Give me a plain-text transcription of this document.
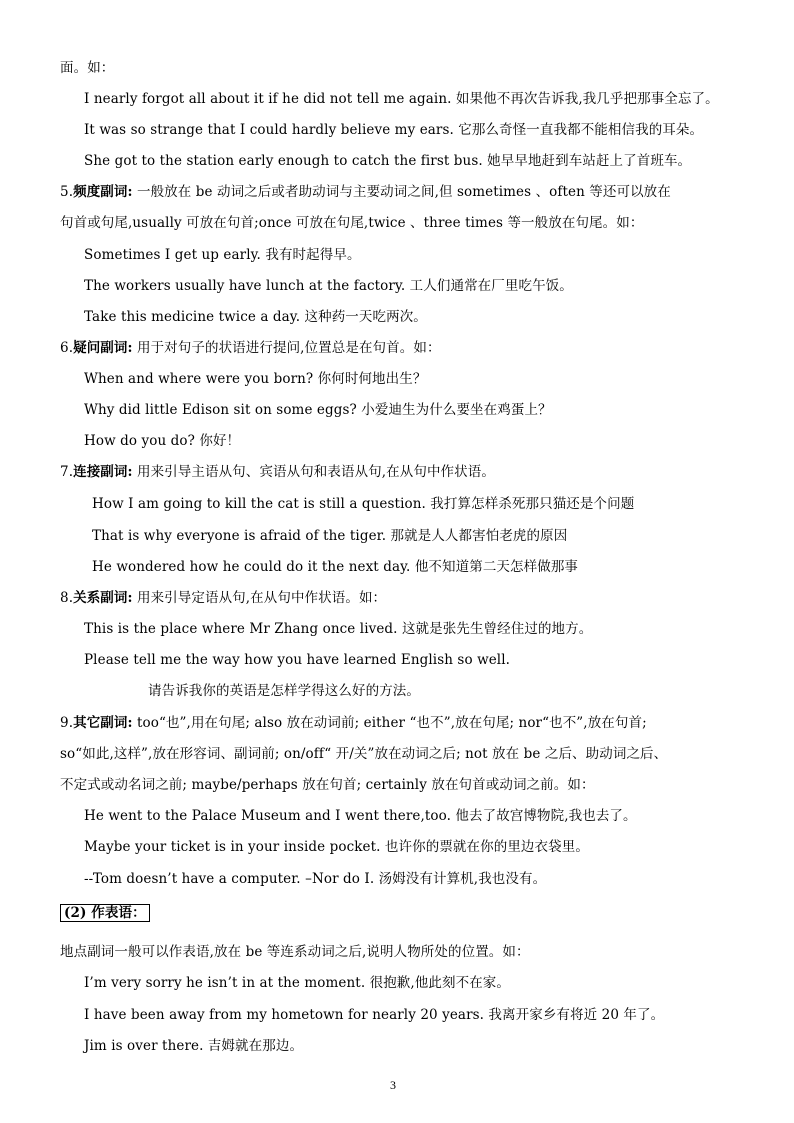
面。如：
I nearly forgot all about it if he did not tell me again. 如果他不再次告诉我,我几乎把那事全忘了。
It was so strange that I could hardly believe my ears. 它那么奇怪一直我都不能相信我的耳朵。
She got to the station early enough to catch the first bus. 她早早地赶到车站赶上了首班车。
5.频度副词: 一般放在 be 动词之后或者助动词与主要动词之间,但 sometimes 、often 等还可以放在
句首或句尾,usually 可放在句首;once 可放在句尾,twice 、three times 等一般放在句尾。如：
Sometimes I get up early. 我有时起得早。
The workers usually have lunch at the factory. 工人们通常在厂里吃午饭。
Take this medicine twice a day. 这种药一天吃两次。
6.疑问副词: 用于对句子的状语进行提问,位置总是在句首。如：
When and where were you born? 你何时何地出生？
Why did little Edison sit on some eggs? 小爱迪生为什么要坐在鸡蛋上？
How do you do? 你好！
7.连接副词: 用来引导主语从句、宾语从句和表语从句,在从句中作状语。
How I am going to kill the cat is still a question. 我打算怎样杀死那只猫还是个问题
That is why everyone is afraid of the tiger. 那就是人人都害怕老虎的原因
He wondered how he could do it the next day. 他不知道第二天怎样做那事
8.关系副词: 用来引导定语从句,在从句中作状语。如：
This is the place where Mr Zhang once lived. 这就是张先生曾经住过的地方。
Please tell me the way how you have learned English so well.
请告诉我你的英语是怎样学得这么好的方法。
9.其它副词: too“也”,用在句尾; also 放在动词前; either “也不”,放在句尾; nor“也不”,放在句首;
so“如此,这样”,放在形容词、副词前; on/off“ 开/关”放在动词之后; not 放在 be 之后、助动词之后、
不定式或动名词之前; maybe/perhaps 放在句首; certainly 放在句首或动词之前。如：
He went to the Palace Museum and I went there,too. 他去了故宫博物院,我也去了。
Maybe your ticket is in your inside pocket. 也许你的票就在你的里边衣袋里。
--Tom doesn’t have a computer. –Nor do I. 汤姆没有计算机,我也没有。
(2) 作表语：
地点副词一般可以作表语,放在 be 等连系动词之后,说明人物所处的位置。如：
I’m very sorry he isn’t in at the moment. 很抱歉,他此刻不在家。
I have been away from my hometown for nearly 20 years. 我离开家乡有将近 20 年了。
Jim is over there. 吉姆就在那边。
3
